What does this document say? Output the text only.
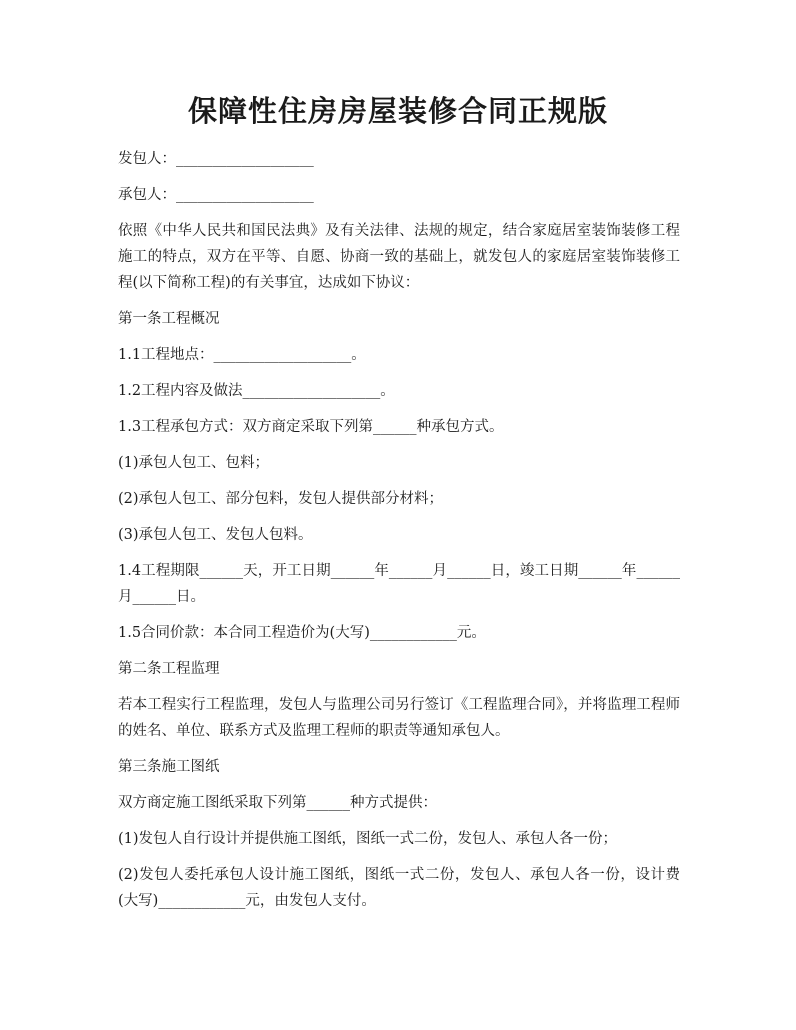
保障性住房房屋装修合同正规版

发包人：___________________

承包人：___________________

依照《中华人民共和国民法典》及有关法律、法规的规定，结合家庭居室装饰装修工程施工的特点，双方在平等、自愿、协商一致的基础上，就发包人的家庭居室装饰装修工程(以下简称工程)的有关事宜，达成如下协议：

第一条工程概况

1.1工程地点：___________________。

1.2工程内容及做法___________________。

1.3工程承包方式：双方商定采取下列第______种承包方式。

(1)承包人包工、包料；

(2)承包人包工、部分包料，发包人提供部分材料；

(3)承包人包工、发包人包料。

1.4工程期限______天，开工日期______年______月______日，竣工日期______年______月______日。

1.5合同价款：本合同工程造价为(大写)____________元。

第二条工程监理

若本工程实行工程监理，发包人与监理公司另行签订《工程监理合同》，并将监理工程师的姓名、单位、联系方式及监理工程师的职责等通知承包人。

第三条施工图纸

双方商定施工图纸采取下列第______种方式提供：

(1)发包人自行设计并提供施工图纸，图纸一式二份，发包人、承包人各一份；

(2)发包人委托承包人设计施工图纸，图纸一式二份，发包人、承包人各一份，设计费(大写)____________元，由发包人支付。
